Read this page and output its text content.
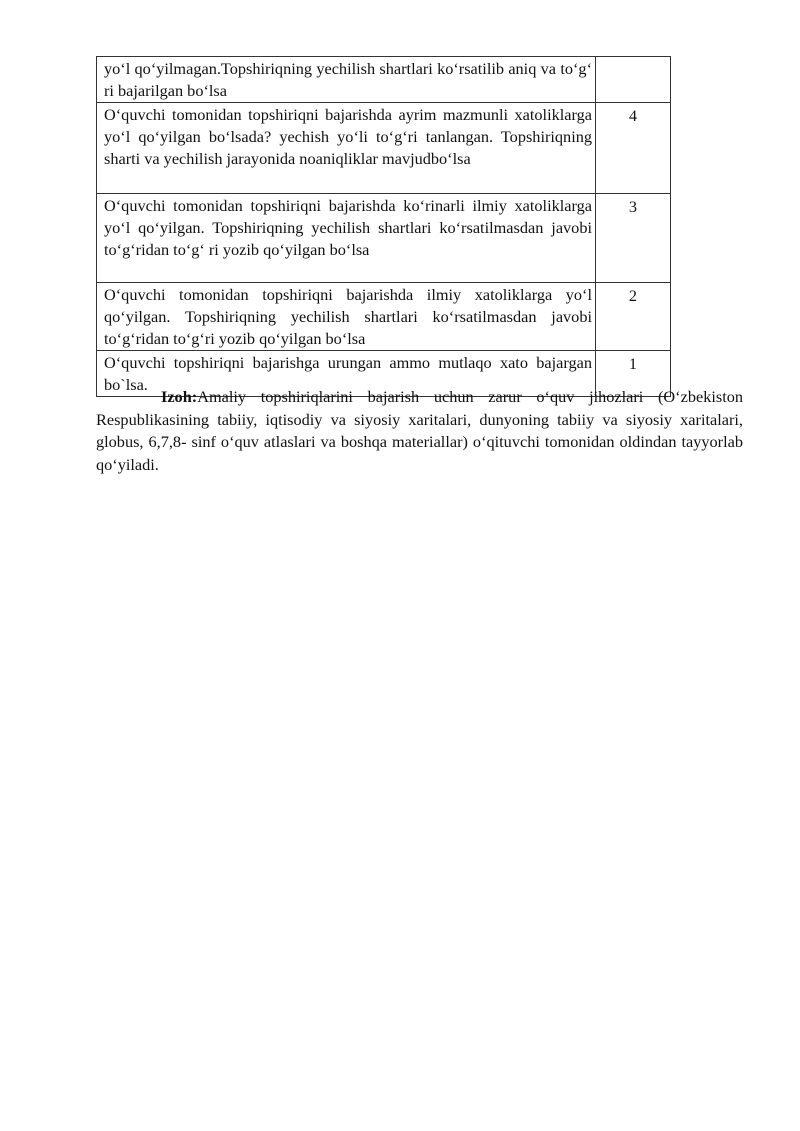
yo‘l qo‘yilmagan.Topshiriqning yechilish shartlari ko‘rsatilib aniq va to‘g‘ ri bajarilgan bo‘lsa	
O‘quvchi tomonidan topshiriqni bajarishda ayrim mazmunli xatoliklarga yo‘l qo‘yilgan bo‘lsada? yechish yo‘li to‘g‘ri tanlangan. Topshiriqning sharti va yechilish jarayonida noaniqliklar mavjudbo‘lsa	4
O‘quvchi tomonidan topshiriqni bajarishda ko‘rinarli ilmiy xatoliklarga yo‘l qo‘yilgan. Topshiriqning yechilish shartlari ko‘rsatilmasdan javobi to‘g‘ridan to‘g‘ ri yozib qo‘yilgan bo‘lsa	3
O‘quvchi tomonidan topshiriqni bajarishda ilmiy xatoliklarga yo‘l qo‘yilgan. Topshiriqning yechilish shartlari ko‘rsatilmasdan javobi to‘g‘ridan to‘g‘ri yozib qo‘yilgan bo‘lsa	2
O‘quvchi topshiriqni bajarishga urungan ammo mutlaqo xato bajargan bo`lsa.	1

Izoh:Amaliy topshiriqlarini bajarish uchun zarur o‘quv jihozlari (O‘zbekiston Respublikasining tabiiy, iqtisodiy va siyosiy xaritalari, dunyoning tabiiy va siyosiy xaritalari, globus, 6,7,8- sinf o‘quv atlaslari va boshqa materiallar) o‘qituvchi tomonidan oldindan tayyorlab qo‘yiladi.
